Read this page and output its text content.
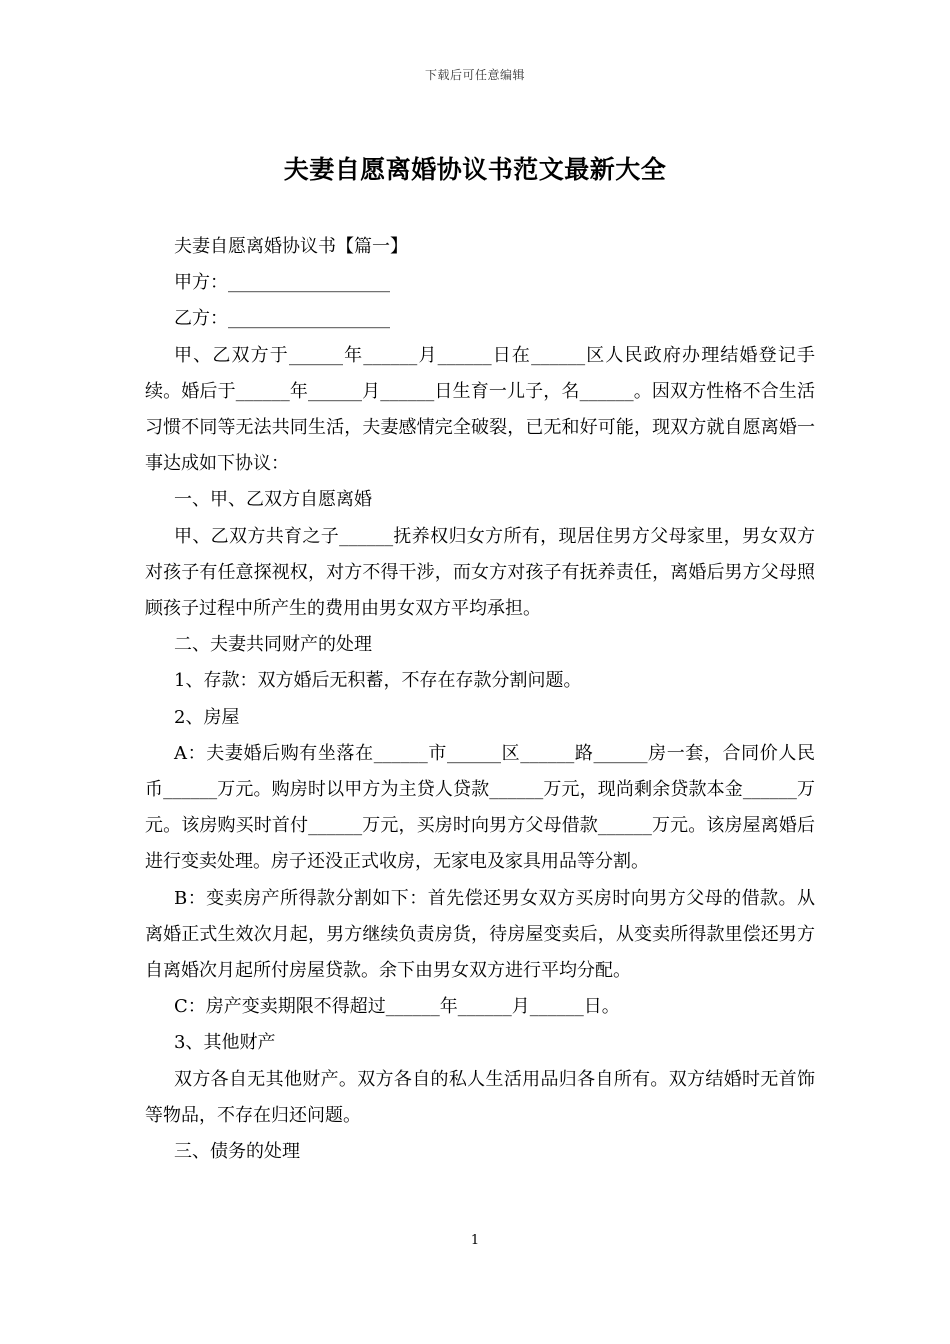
下载后可任意编辑
夫妻自愿离婚协议书范文最新大全

夫妻自愿离婚协议书【篇一】

甲方：__________________

乙方：__________________

甲、乙双方于______年______月______日在______区人民政府办理结婚登记手续。婚后于______年______月______日生育一儿子，名______。因双方性格不合生活习惯不同等无法共同生活，夫妻感情完全破裂，已无和好可能，现双方就自愿离婚一事达成如下协议：

一、甲、乙双方自愿离婚

甲、乙双方共育之子______抚养权归女方所有，现居住男方父母家里，男女双方对孩子有任意探视权，对方不得干涉，而女方对孩子有抚养责任，离婚后男方父母照顾孩子过程中所产生的费用由男女双方平均承担。

二、夫妻共同财产的处理

1、存款：双方婚后无积蓄，不存在存款分割问题。

2、房屋

A：夫妻婚后购有坐落在______市______区______路______房一套，合同价人民币______万元。购房时以甲方为主贷人贷款______万元，现尚剩余贷款本金______万元。该房购买时首付______万元，买房时向男方父母借款______万元。该房屋离婚后进行变卖处理。房子还没正式收房，无家电及家具用品等分割。

B：变卖房产所得款分割如下：首先偿还男女双方买房时向男方父母的借款。从离婚正式生效次月起，男方继续负责房货，待房屋变卖后，从变卖所得款里偿还男方自离婚次月起所付房屋贷款。余下由男女双方进行平均分配。

C：房产变卖期限不得超过______年______月______日。

3、其他财产

双方各自无其他财产。双方各自的私人生活用品归各自所有。双方结婚时无首饰等物品，不存在归还问题。

三、债务的处理

1
